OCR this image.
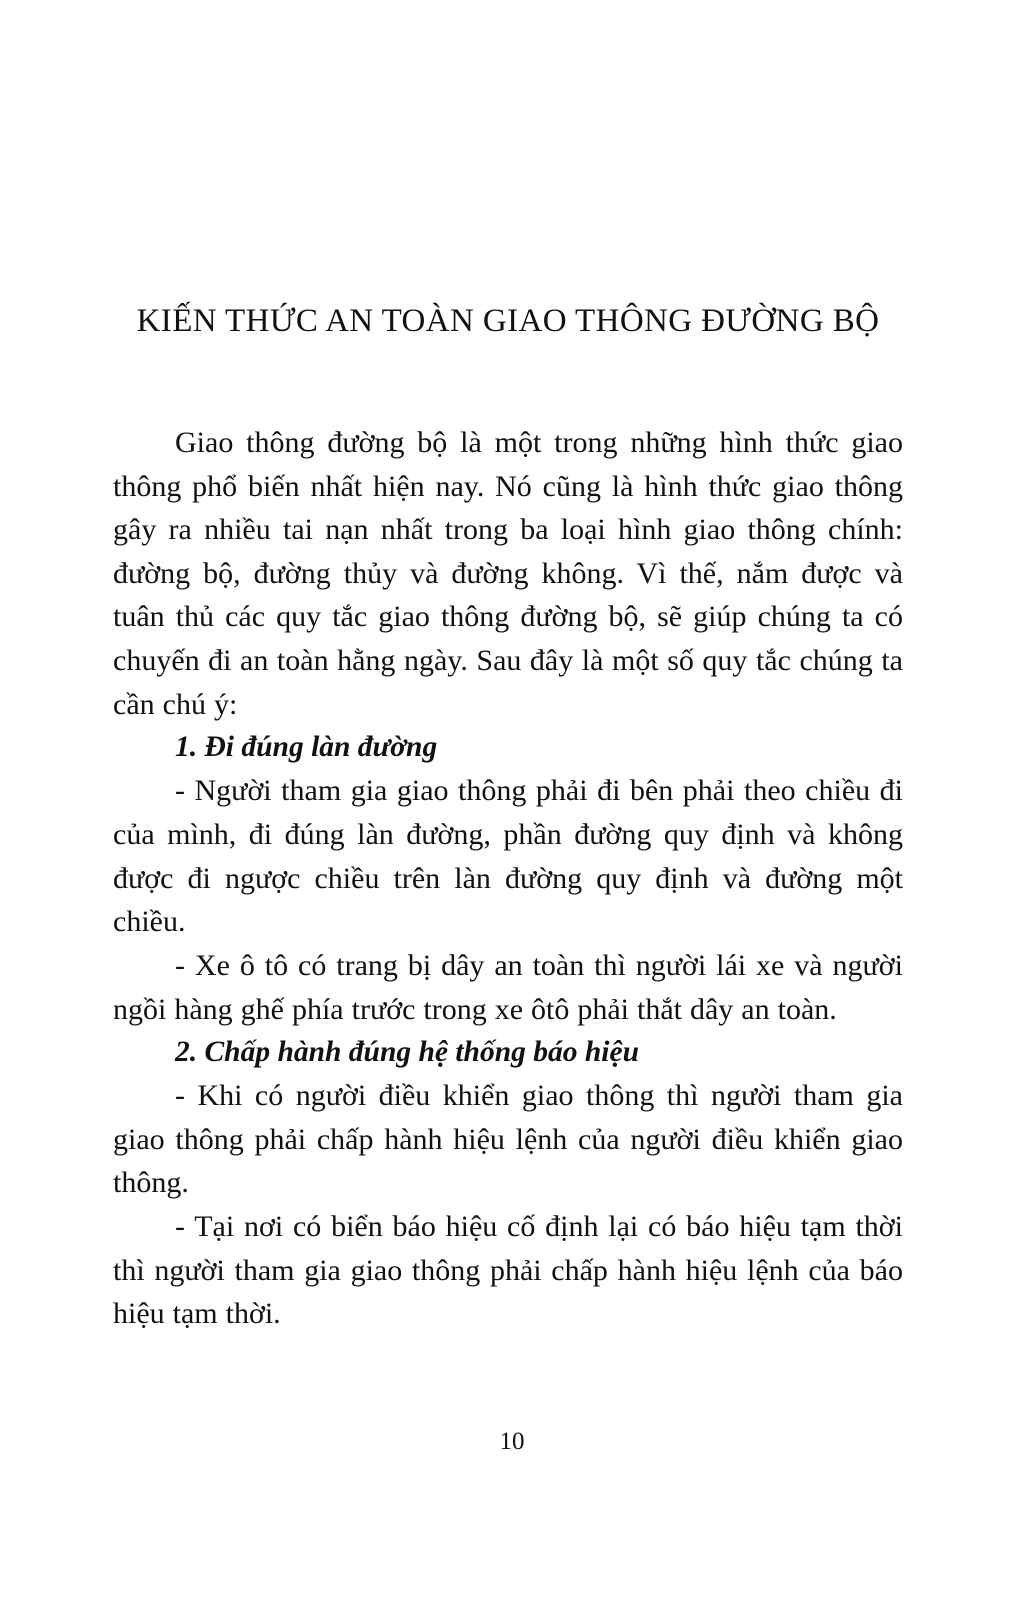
KIẾN THỨC AN TOÀN GIAO THÔNG ĐƯỜNG BỘ

Giao thông đường bộ là một trong những hình thức giao thông phổ biến nhất hiện nay. Nó cũng là hình thức giao thông gây ra nhiều tai nạn nhất trong ba loại hình giao thông chính: đường bộ, đường thủy và đường không. Vì thế, nắm được và tuân thủ các quy tắc giao thông đường bộ, sẽ giúp chúng ta có chuyến đi an toàn hằng ngày. Sau đây là một số quy tắc chúng ta cần chú ý:

1. Đi đúng làn đường

- Người tham gia giao thông phải đi bên phải theo chiều đi của mình, đi đúng làn đường, phần đường quy định và không được đi ngược chiều trên làn đường quy định và đường một chiều.

- Xe ô tô có trang bị dây an toàn thì người lái xe và người ngồi hàng ghế phía trước trong xe ôtô phải thắt dây an toàn.

2. Chấp hành đúng hệ thống báo hiệu

- Khi có người điều khiển giao thông thì người tham gia giao thông phải chấp hành hiệu lệnh của người điều khiển giao thông.

- Tại nơi có biển báo hiệu cố định lại có báo hiệu tạm thời thì người tham gia giao thông phải chấp hành hiệu lệnh của báo hiệu tạm thời.

10
